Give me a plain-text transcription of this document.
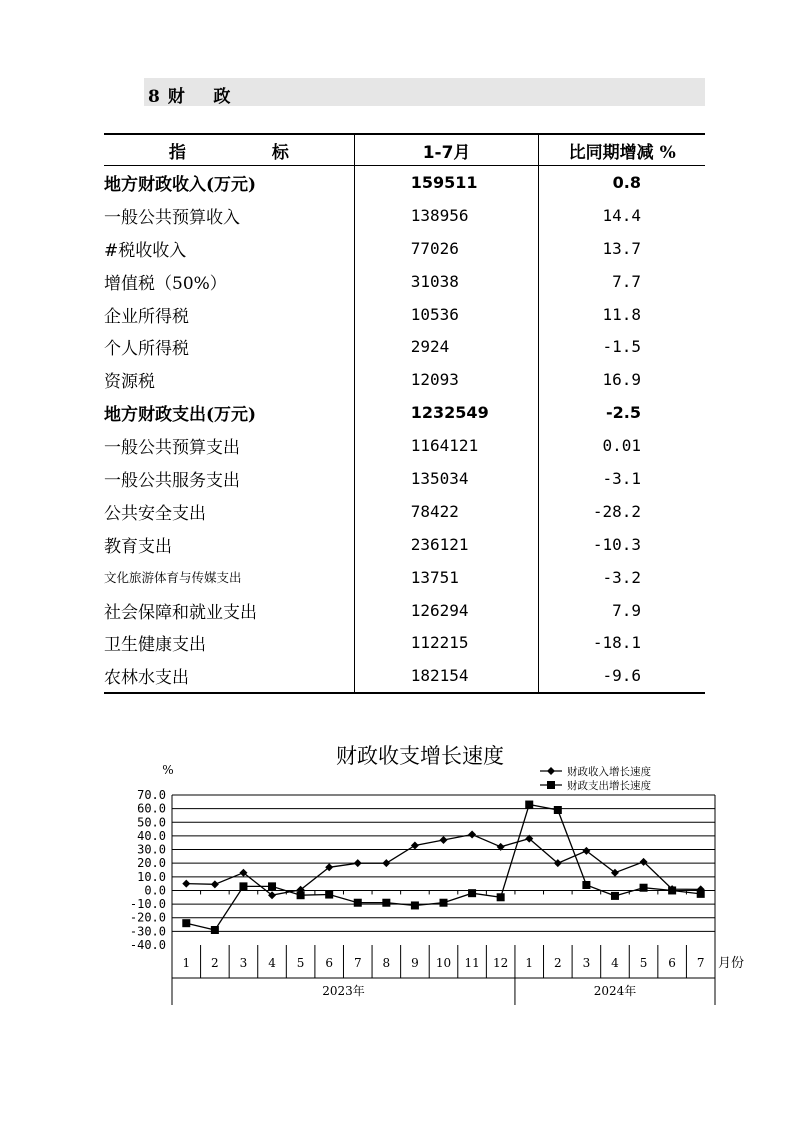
8 财    政
指 标	1-7月	比同期增减 %
地方财政收入(万元)	159511	0.8
一般公共预算收入	138956	14.4
#税收收入	77026	13.7
增值税（50%）	31038	7.7
企业所得税	10536	11.8
个人所得税	2924	-1.5
资源税	12093	16.9
地方财政支出(万元)	1232549	-2.5
一般公共预算支出	1164121	0.01
一般公共服务支出	135034	-3.1
公共安全支出	78422	-28.2
教育支出	236121	-10.3
文化旅游体育与传媒支出	13751	-3.2
社会保障和就业支出	126294	7.9
卫生健康支出	112215	-18.1
农林水支出	182154	-9.6
财政收支增长速度
%
70.0
60.0
50.0
40.0
30.0
20.0
10.0
0.0
-10.0
-20.0
-30.0
-40.0
1 2 3 4 5 6 7 8 9 10 11 12 1 2 3 4 5 6 7 月份
2023年	2024年
财政收入增长速度
财政支出增长速度
